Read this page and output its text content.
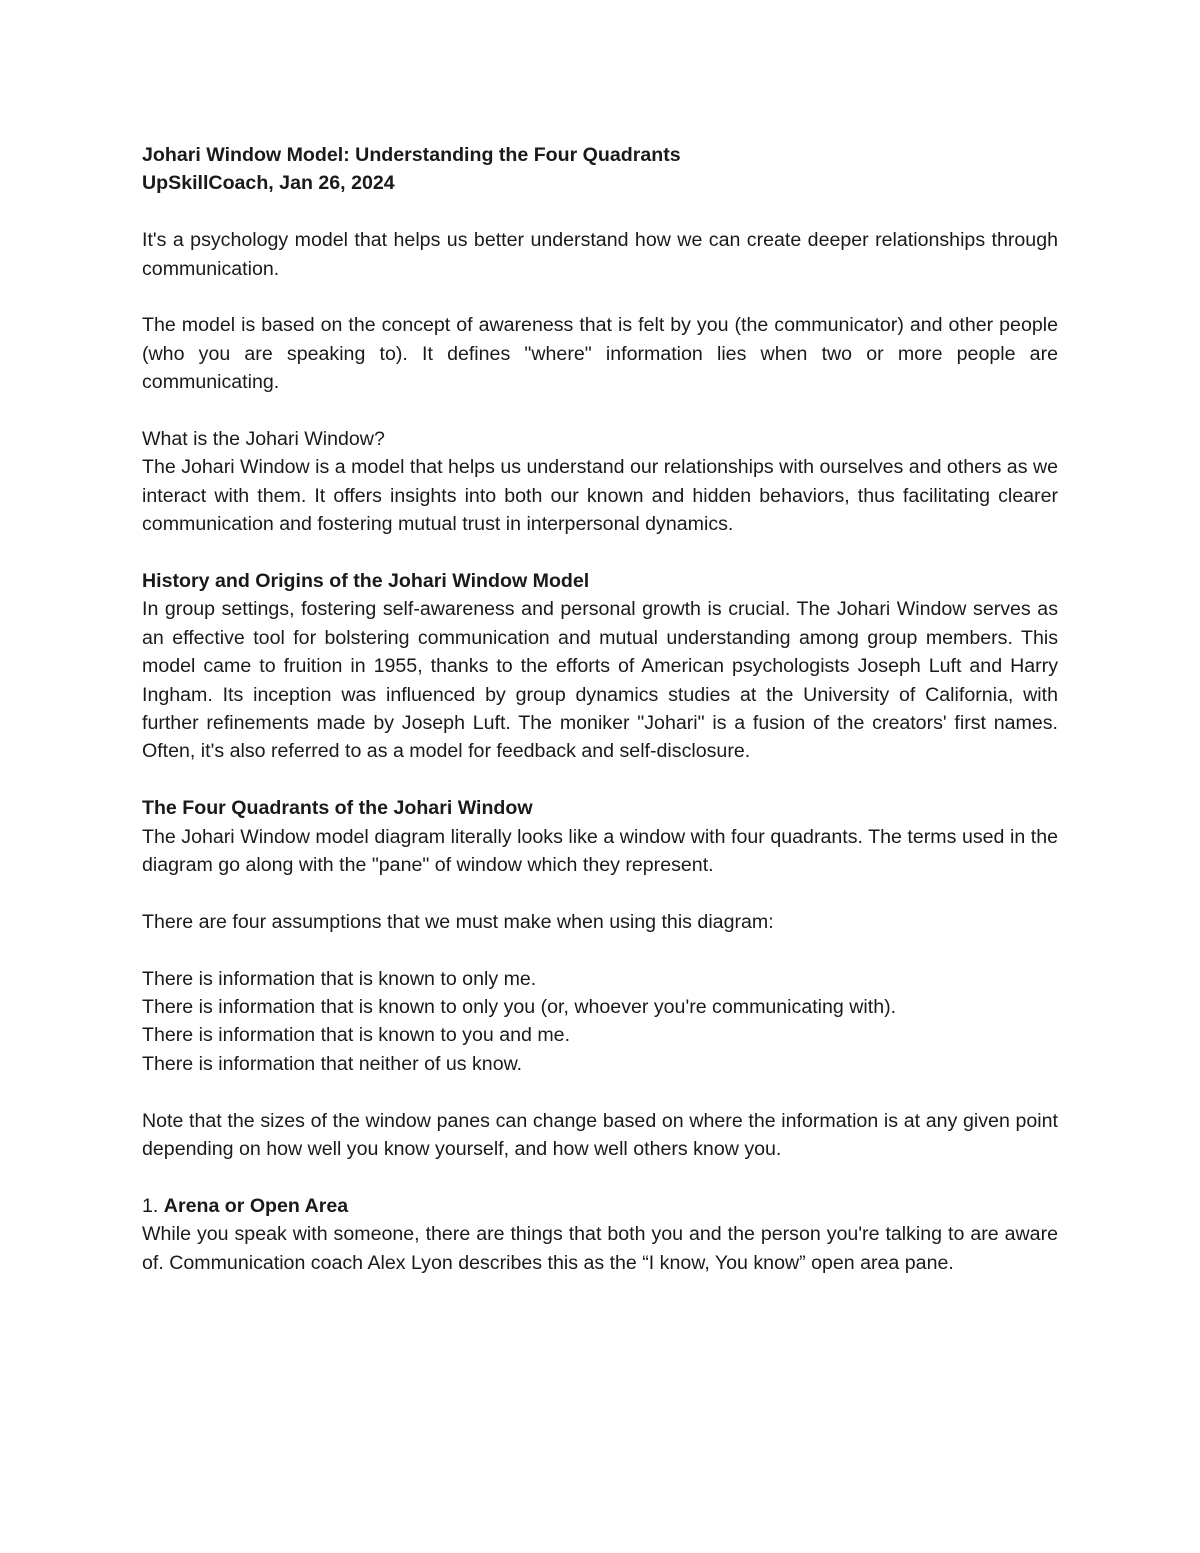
Johari Window Model: Understanding the Four Quadrants

UpSkillCoach, Jan 26, 2024

It's a psychology model that helps us better understand how we can create deeper relationships through communication.

The model is based on the concept of awareness that is felt by you (the communicator) and other people (who you are speaking to). It defines "where" information lies when two or more people are communicating.

What is the Johari Window?

The Johari Window is a model that helps us understand our relationships with ourselves and others as we interact with them. It offers insights into both our known and hidden behaviors, thus facilitating clearer communication and fostering mutual trust in interpersonal dynamics.

History and Origins of the Johari Window Model

In group settings, fostering self-awareness and personal growth is crucial. The Johari Window serves as an effective tool for bolstering communication and mutual understanding among group members. This model came to fruition in 1955, thanks to the efforts of American psychologists Joseph Luft and Harry Ingham. Its inception was influenced by group dynamics studies at the University of California, with further refinements made by Joseph Luft. The moniker "Johari" is a fusion of the creators' first names. Often, it's also referred to as a model for feedback and self-disclosure.

The Four Quadrants of the Johari Window

The Johari Window model diagram literally looks like a window with four quadrants. The terms used in the diagram go along with the "pane" of window which they represent.

There are four assumptions that we must make when using this diagram:

There is information that is known to only me.

There is information that is known to only you (or, whoever you're communicating with).

There is information that is known to you and me.

There is information that neither of us know.

Note that the sizes of the window panes can change based on where the information is at any given point depending on how well you know yourself, and how well others know you.

1. Arena or Open Area

While you speak with someone, there are things that both you and the person you're talking to are aware of. Communication coach Alex Lyon describes this as the “I know, You know” open area pane.
